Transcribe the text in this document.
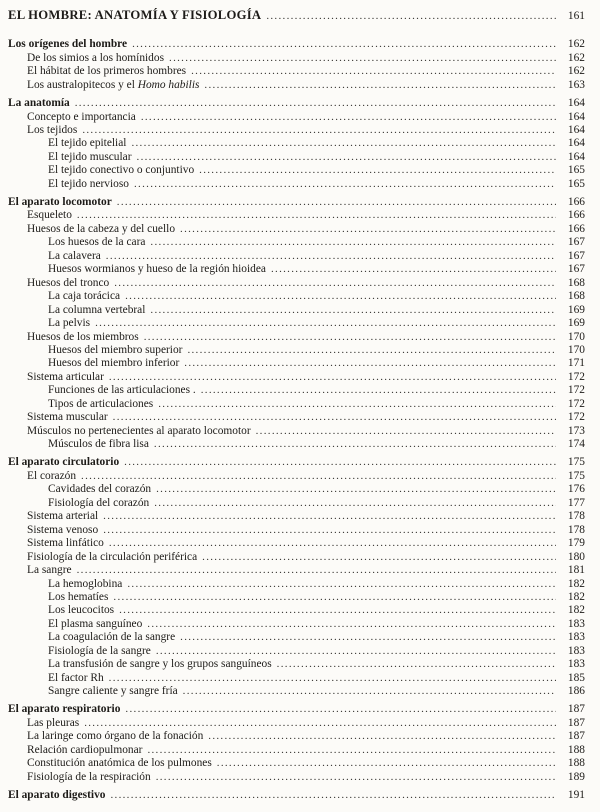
EL HOMBRE: ANATOMÍA Y FISIOLOGÍA .....	161
Los orígenes del hombre .....	162
De los simios a los homínidos .....	162
El hábitat de los primeros hombres .....	162
Los australopitecos y el Homo habilis .....	163
La anatomía .....	164
Concepto e importancia .....	164
Los tejidos .....	164
El tejido epitelial .....	164
El tejido muscular .....	164
El tejido conectivo o conjuntivo .....	165
El tejido nervioso .....	165
El aparato locomotor .....	166
Esqueleto .....	166
Huesos de la cabeza y del cuello .....	166
Los huesos de la cara .....	167
La calavera .....	167
Huesos wormianos y hueso de la región hioidea .....	167
Huesos del tronco .....	168
La caja torácica .....	168
La columna vertebral .....	169
La pelvis .....	169
Huesos de los miembros .....	170
Huesos del miembro superior .....	170
Huesos del miembro inferior .....	171
Sistema articular .....	172
Funciones de las articulaciones . .....	172
Tipos de articulaciones .....	172
Sistema muscular .....	172
Músculos no pertenecientes al aparato locomotor .....	173
Músculos de fibra lisa .....	174
El aparato circulatorio .....	175
El corazón .....	175
Cavidades del corazón .....	176
Fisiología del corazón .....	177
Sistema arterial .....	178
Sistema venoso .....	178
Sistema linfático .....	179
Fisiología de la circulación periférica .....	180
La sangre .....	181
La hemoglobina .....	182
Los hematíes .....	182
Los leucocitos .....	182
El plasma sanguíneo .....	183
La coagulación de la sangre .....	183
Fisiología de la sangre .....	183
La transfusión de sangre y los grupos sanguíneos .....	183
El factor Rh .....	185
Sangre caliente y sangre fría .....	186
El aparato respiratorio .....	187
Las pleuras .....	187
La laringe como órgano de la fonación .....	187
Relación cardiopulmonar .....	188
Constitución anatómica de los pulmones .....	188
Fisiología de la respiración .....	189
El aparato digestivo .....	191
